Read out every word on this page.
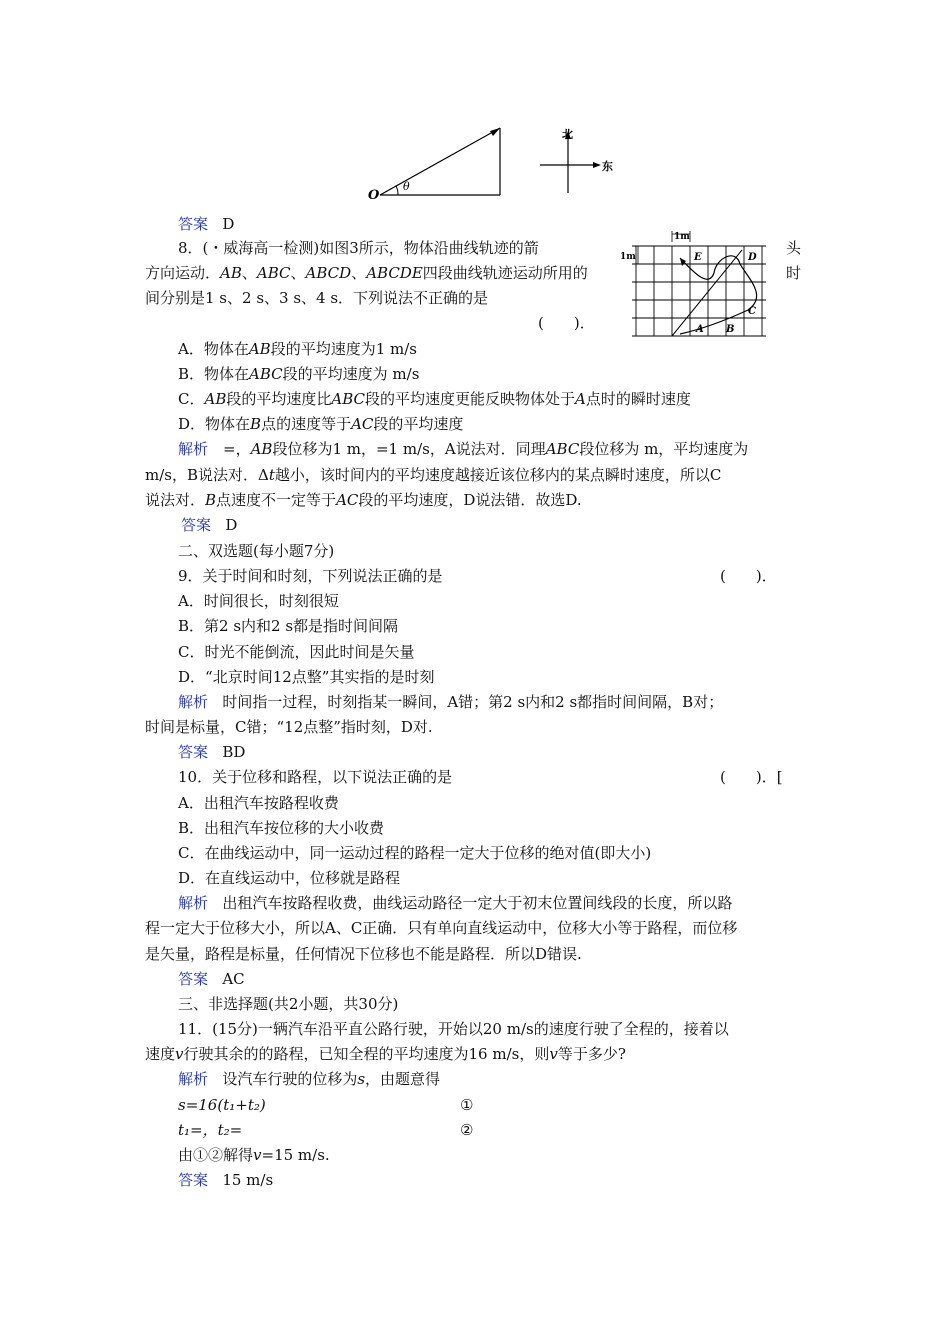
O
θ
北
东
1m
1m
A B
C
D
E
答案 D
8．(・威海高一检测)如图3所示，物体沿曲线轨迹的箭	头
方向运动．AB、ABC、ABCD、ABCDE四段曲线轨迹运动所用的	时
间分别是1 s、2 s、3 s、4 s．下列说法不正确的是
(　　)．
A．物体在AB段的平均速度为1 m/s
B．物体在ABC段的平均速度为 m/s
C．AB段的平均速度比ABC段的平均速度更能反映物体处于A点时的瞬时速度
D．物体在B点的速度等于AC段的平均速度
解析　=，AB段位移为1 m，=1 m/s，A说法对．同理ABC段位移为 m，平均速度为
m/s，B说法对．Δt越小，该时间内的平均速度越接近该位移内的某点瞬时速度，所以C
说法对．B点速度不一定等于AC段的平均速度，D说法错．故选D.
答案 D
二、双选题(每小题7分)
9．关于时间和时刻，下列说法正确的是	(　　)．
A．时间很长，时刻很短
B．第2 s内和2 s都是指时间间隔
C．时光不能倒流，因此时间是矢量
D．“北京时间12点整”其实指的是时刻
解析 时间指一过程，时刻指某一瞬间，A错；第2 s内和2 s都指时间间隔，B对；
时间是标量，C错；“12点整”指时刻，D对.
答案 BD
10．关于位移和路程，以下说法正确的是	(　　)．[
A．出租汽车按路程收费
B．出租汽车按位移的大小收费
C．在曲线运动中，同一运动过程的路程一定大于位移的绝对值(即大小)
D．在直线运动中，位移就是路程
解析 出租汽车按路程收费，曲线运动路径一定大于初末位置间线段的长度，所以路
程一定大于位移大小，所以A、C正确．只有单向直线运动中，位移大小等于路程，而位移
是矢量，路程是标量，任何情况下位移也不能是路程．所以D错误.
答案 AC
三、非选择题(共2小题，共30分)
11．(15分)一辆汽车沿平直公路行驶，开始以20 m/s的速度行驶了全程的，接着以
速度v行驶其余的的路程，已知全程的平均速度为16 m/s，则v等于多少?
解析 设汽车行驶的位移为s，由题意得
s=16(t₁+t₂)	①
t₁=，t₂=	②
由①②解得v=15 m/s.
答案 15 m/s
